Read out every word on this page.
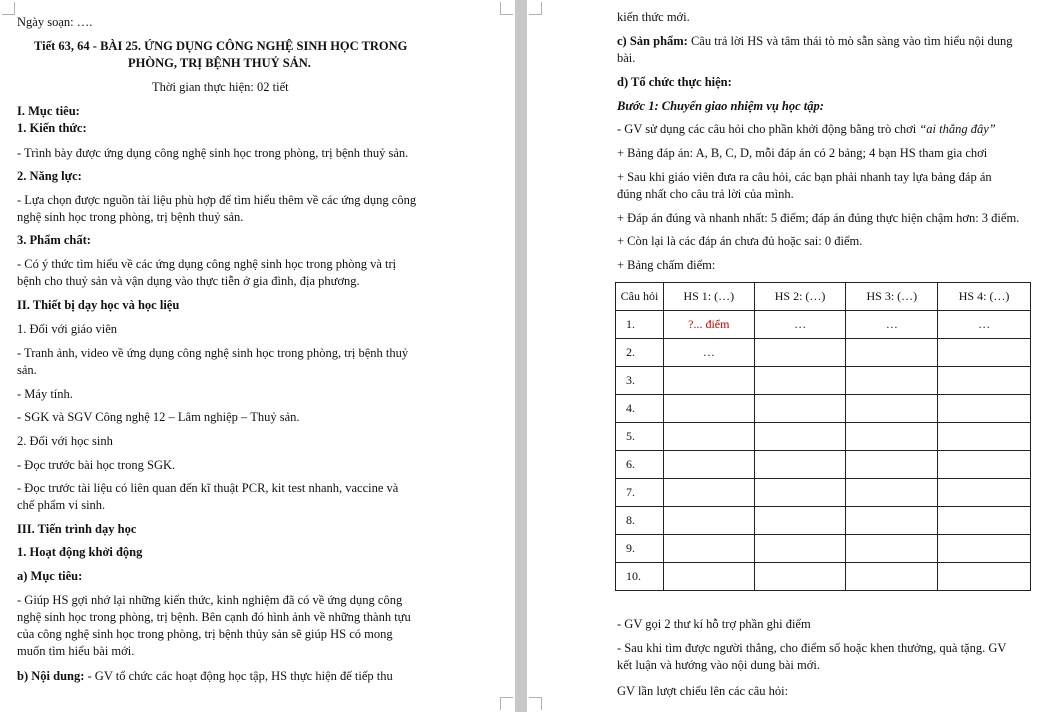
Ngày soạn: ….
Tiết 63, 64 - BÀI 25. ỨNG DỤNG CÔNG NGHỆ SINH HỌC TRONG
PHÒNG, TRỊ BỆNH THUỶ SẢN.
Thời gian thực hiện: 02 tiết
I. Mục tiêu:
1. Kiến thức:
- Trình bày được ứng dụng công nghệ sinh học trong phòng, trị bệnh thuỷ sản.
2. Năng lực:
- Lựa chọn được nguồn tài liệu phù hợp để tìm hiểu thêm về các ứng dụng công
nghệ sinh học trong phòng, trị bệnh thuỷ sản.
3. Phẩm chất:
- Có ý thức tìm hiểu về các ứng dụng công nghệ sinh học trong phòng và trị
bệnh cho thuỷ sản và vận dụng vào thực tiễn ở gia đình, địa phương.
II. Thiết bị dạy học và học liệu
1. Đối với giáo viên
- Tranh ảnh, video về ứng dụng công nghệ sinh học trong phòng, trị bệnh thuỷ
sản.
- Máy tính.
- SGK và SGV Công nghệ 12 – Lâm nghiệp – Thuỷ sản.
2. Đối với học sinh
- Đọc trước bài học trong SGK.
- Đọc trước tài liệu có liên quan đến kĩ thuật PCR, kit test nhanh, vaccine và
chế phẩm vi sinh.
III. Tiến trình dạy học
1. Hoạt động khởi động
a) Mục tiêu:
- Giúp HS gợi nhớ lại những kiến thức, kinh nghiệm đã có về ứng dụng công
nghệ sinh học trong phòng, trị bệnh. Bên cạnh đó hình ảnh về những thành tựu
của công nghệ sinh học trong phòng, trị bệnh thủy sản sẽ giúp HS có mong
muốn tìm hiểu bài mới.
b) Nội dung: - GV tổ chức các hoạt động học tập, HS thực hiện để tiếp thu
kiến thức mới.
c) Sản phẩm: Câu trả lời HS và tâm thái tò mò sẵn sàng vào tìm hiểu nội dung
bài.
d) Tổ chức thực hiện:
Bước 1: Chuyển giao nhiệm vụ học tập:
- GV sử dụng các câu hỏi cho phần khởi động bằng trò chơi “ai thắng đây”
+ Bảng đáp án: A, B, C, D, mỗi đáp án có 2 bảng; 4 bạn HS tham gia chơi
+ Sau khi giáo viên đưa ra câu hỏi, các bạn phải nhanh tay lựa bảng đáp án
đúng nhất cho câu trả lời của mình.
+ Đáp án đúng và nhanh nhất: 5 điểm; đáp án đúng thực hiện chậm hơn: 3 điểm.
+ Còn lại là các đáp án chưa đủ hoặc sai: 0 điểm.
+ Bảng chấm điểm:
Câu hỏi	HS 1: (…)	HS 2: (…)	HS 3: (…)	HS 4: (…)
1.	?... điểm	…	…	…
2.	…			
3.				
4.				
5.				
6.				
7.				
8.				
9.				
10.				
- GV gọi 2 thư kí hỗ trợ phần ghi điểm
- Sau khi tìm được người thắng, cho điểm số hoặc khen thưởng, quà tặng. GV
kết luận và hướng vào nội dung bài mới.
GV lần lượt chiếu lên các câu hỏi:
